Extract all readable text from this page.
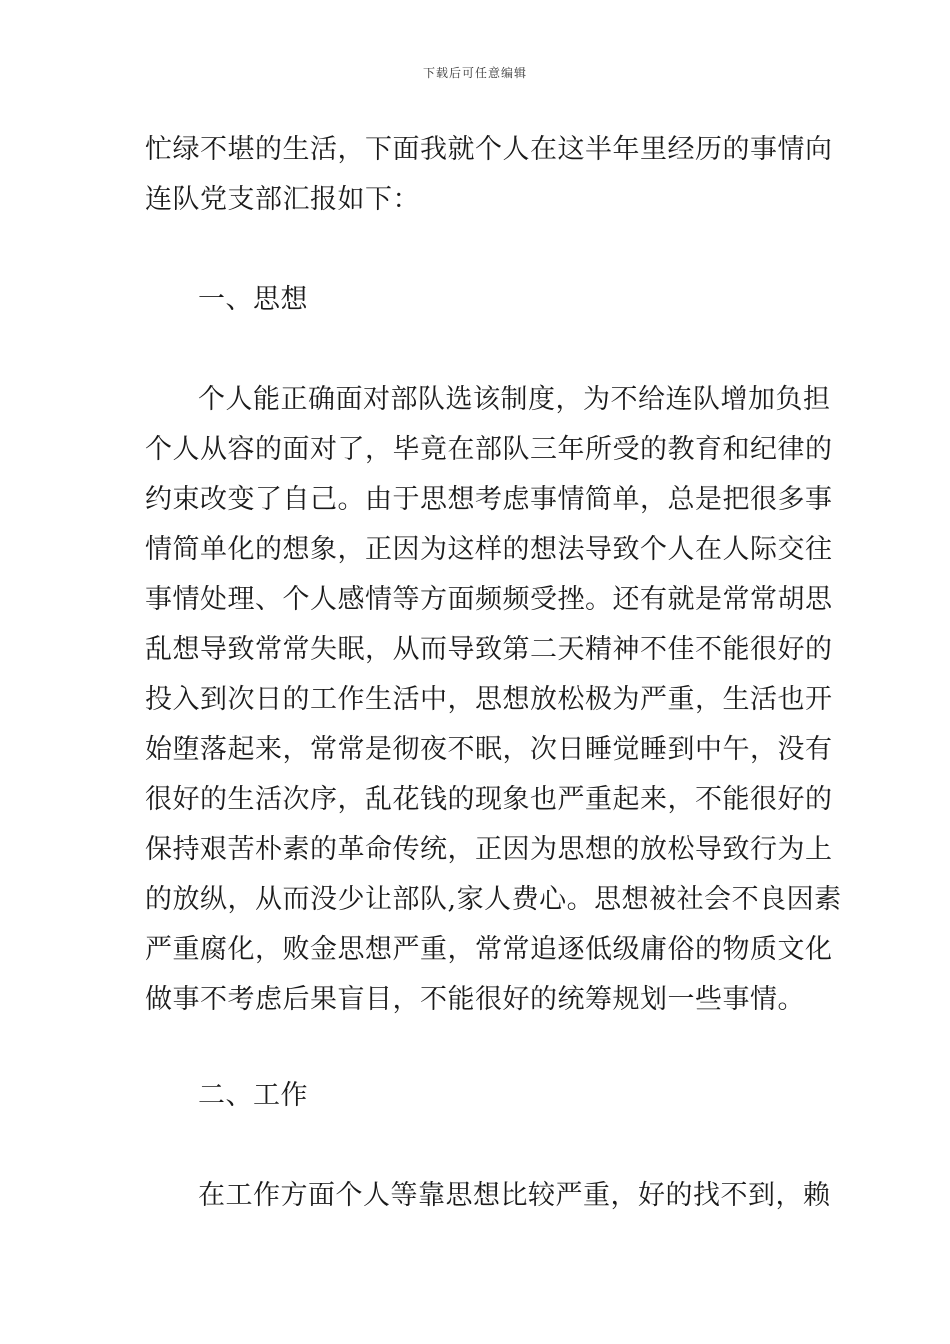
下载后可任意编辑
忙绿不堪的生活，下面我就个人在这半年里经历的事情向
连队党支部汇报如下：
一、思想
个人能正确面对部队选该制度，为不给连队增加负担
个人从容的面对了，毕竟在部队三年所受的教育和纪律的
约束改变了自己。由于思想考虑事情简单，总是把很多事
情简单化的想象，正因为这样的想法导致个人在人际交往
事情处理、个人感情等方面频频受挫。还有就是常常胡思
乱想导致常常失眠，从而导致第二天精神不佳不能很好的
投入到次日的工作生活中，思想放松极为严重，生活也开
始堕落起来，常常是彻夜不眠，次日睡觉睡到中午，没有
很好的生活次序，乱花钱的现象也严重起来，不能很好的
保持艰苦朴素的革命传统，正因为思想的放松导致行为上
的放纵，从而没少让部队,家人费心。思想被社会不良因素
严重腐化，败金思想严重，常常追逐低级庸俗的物质文化
做事不考虑后果盲目，不能很好的统筹规划一些事情。
二、工作
在工作方面个人等靠思想比较严重，好的找不到，赖
